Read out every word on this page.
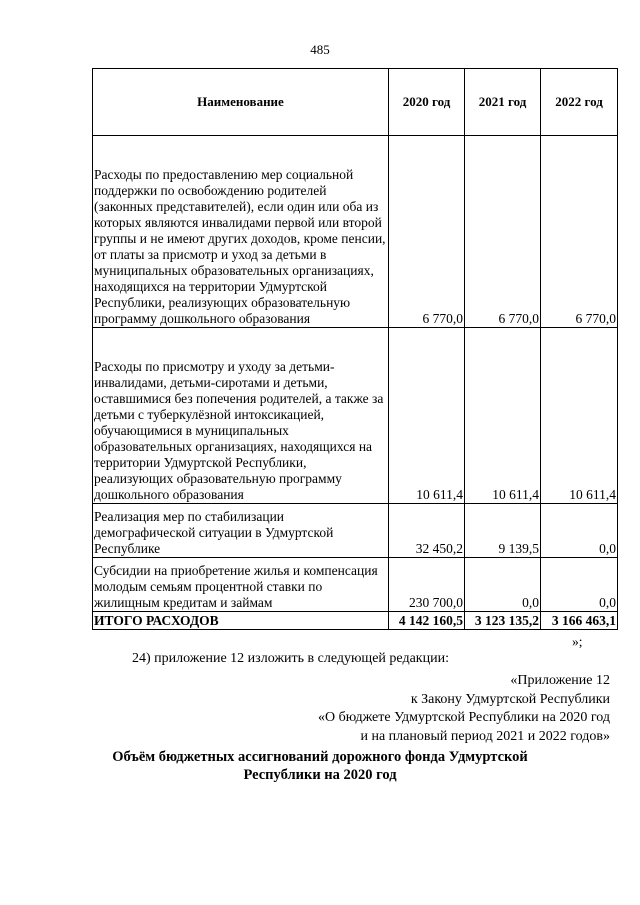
485
Наименование	2020 год	2021 год	2022 год
Расходы по предоставлению мер социальной поддержки по освобождению родителей (законных представителей), если один или оба из которых являются инвалидами первой или второй группы и не имеют других доходов, кроме пенсии, от платы за присмотр и уход за детьми в муниципальных образовательных организациях, находящихся на территории Удмуртской Республики, реализующих образовательную программу дошкольного образования	6 770,0	6 770,0	6 770,0
Расходы по присмотру и уходу за детьми-инвалидами, детьми-сиротами и детьми, оставшимися без попечения родителей, а также за детьми с туберкулёзной интоксикацией, обучающимися в муниципальных образовательных организациях, находящихся на территории Удмуртской Республики, реализующих образовательную программу дошкольного образования	10 611,4	10 611,4	10 611,4
Реализация мер по стабилизации демографической ситуации в Удмуртской Республике	32 450,2	9 139,5	0,0
Субсидии на приобретение жилья и компенсация молодым семьям процентной ставки по жилищным кредитам и займам	230 700,0	0,0	0,0
ИТОГО РАСХОДОВ	4 142 160,5	3 123 135,2	3 166 463,1
»;
24) приложение 12 изложить в следующей редакции:
«Приложение 12
к Закону Удмуртской Республики
«О бюджете Удмуртской Республики на 2020 год
и на плановый период 2021 и 2022 годов»
Объём бюджетных ассигнований дорожного фонда Удмуртской
Республики на 2020 год
